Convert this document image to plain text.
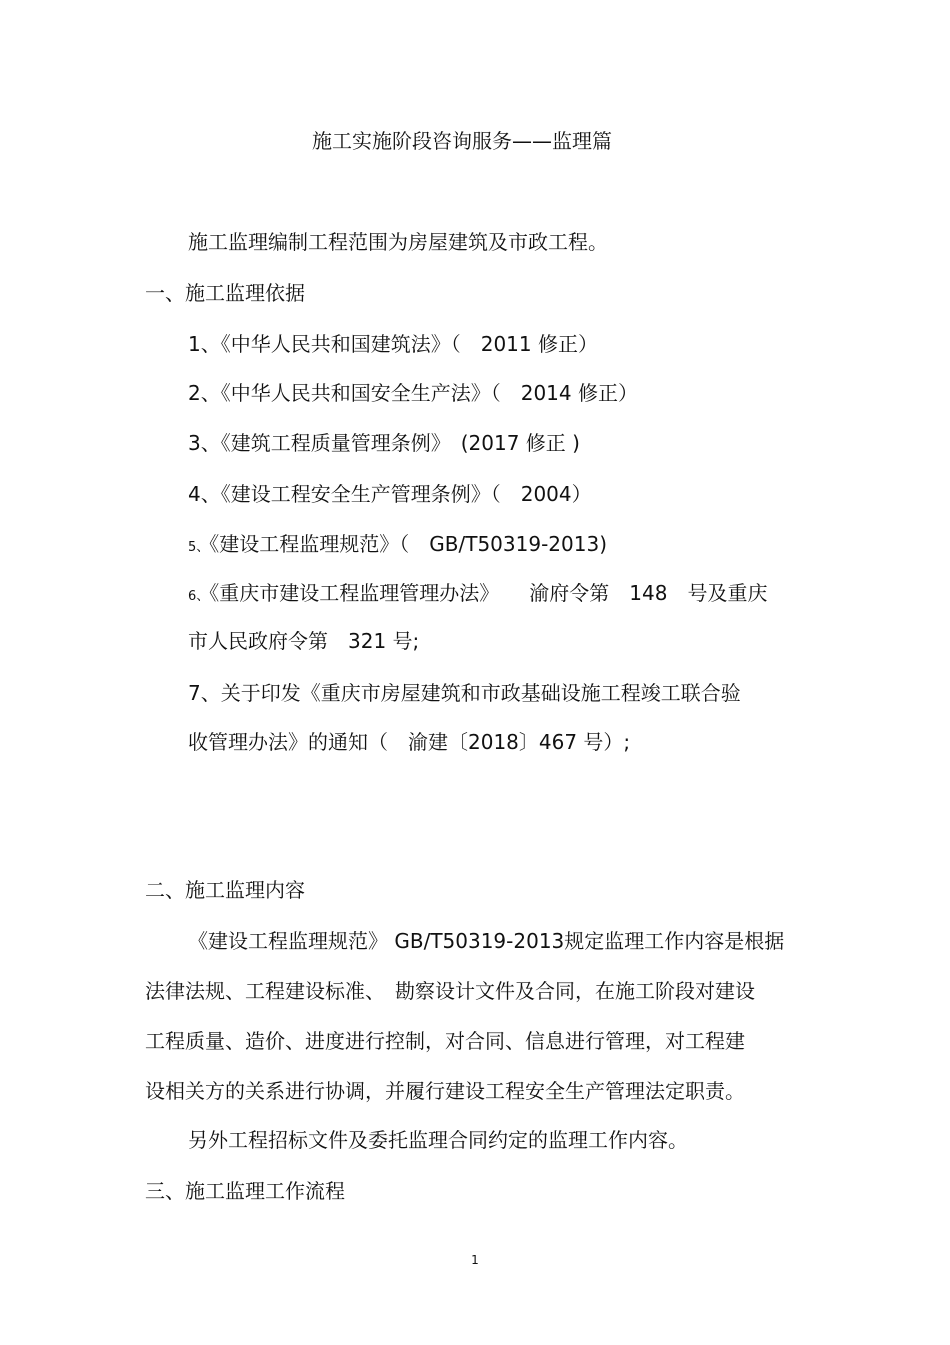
施工实施阶段咨询服务——监理篇
施工监理编制工程范围为房屋建筑及市政工程。
一、施工监理依据
1、《中华人民共和国建筑法》（　2011 修正）
2、《中华人民共和国安全生产法》（　2014 修正）
3、《建筑工程质量管理条例》　(2017 修正 )
4、《建设工程安全生产管理条例》（　2004）
5、《建设工程监理规范》（　GB/T50319-2013)
6、《重庆市建设工程监理管理办法》　　渝府令第　148　号及重庆
市人民政府令第　321 号;
7、关于印发《重庆市房屋建筑和市政基础设施工程竣工联合验
收管理办法》的通知（　渝建〔2018〕467 号）;
二、施工监理内容
《建设工程监理规范》 GB/T50319-2013规定监理工作内容是根据
法律法规、工程建设标准、　勘察设计文件及合同，在施工阶段对建设
工程质量、造价、进度进行控制，对合同、信息进行管理，对工程建
设相关方的关系进行协调，并履行建设工程安全生产管理法定职责。
另外工程招标文件及委托监理合同约定的监理工作内容。
三、施工监理工作流程
1
